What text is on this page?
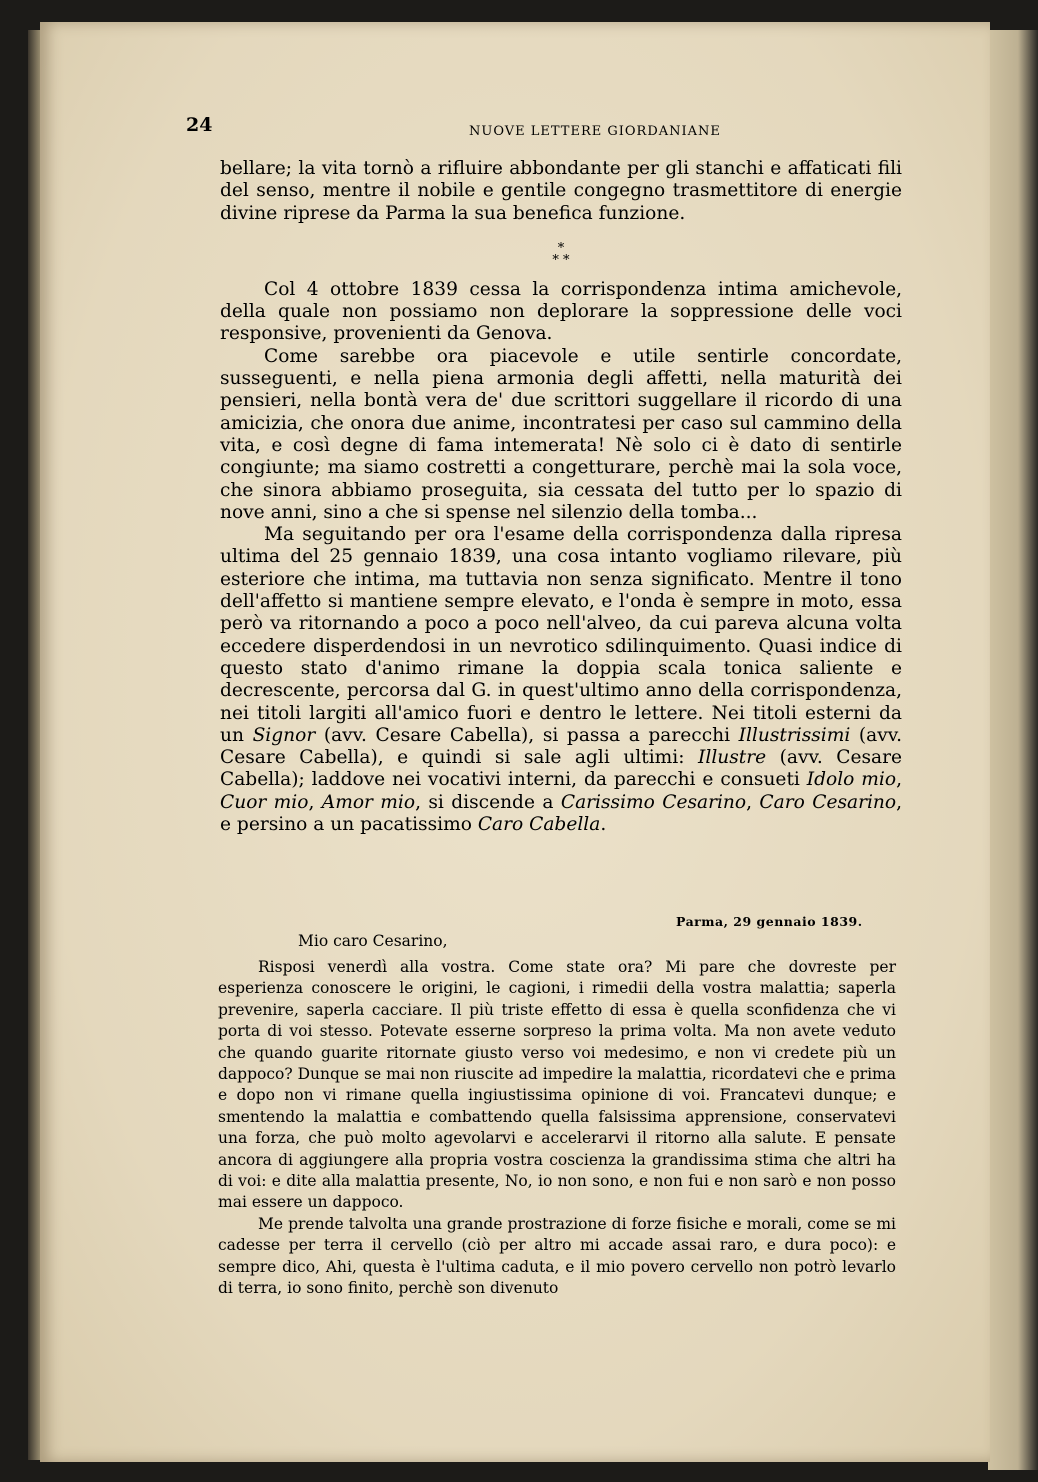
24	NUOVE LETTERE GIORDANIANE

bellare; la vita tornò a rifluire abbondante per gli stanchi e affaticati fili del senso, mentre il nobile e gentile congegno trasmettitore di energie divine riprese da Parma la sua benefica funzione.

*
* *

Col 4 ottobre 1839 cessa la corrispondenza intima amichevole, della quale non possiamo non deplorare la soppressione delle voci responsive, provenienti da Genova.

Come sarebbe ora piacevole e utile sentirle concordate, susseguenti, e nella piena armonia degli affetti, nella maturità dei pensieri, nella bontà vera de' due scrittori suggellare il ricordo di una amicizia, che onora due anime, incontratesi per caso sul cammino della vita, e così degne di fama intemerata! Nè solo ci è dato di sentirle congiunte; ma siamo costretti a congetturare, perchè mai la sola voce, che sinora abbiamo proseguita, sia cessata del tutto per lo spazio di nove anni, sino a che si spense nel silenzio della tomba...

Ma seguitando per ora l'esame della corrispondenza dalla ripresa ultima del 25 gennaio 1839, una cosa intanto vogliamo rilevare, più esteriore che intima, ma tuttavia non senza significato. Mentre il tono dell'affetto si mantiene sempre elevato, e l'onda è sempre in moto, essa però va ritornando a poco a poco nell'alveo, da cui pareva alcuna volta eccedere disperdendosi in un nevrotico sdilinquimento. Quasi indice di questo stato d'animo rimane la doppia scala tonica saliente e decrescente, percorsa dal G. in quest'ultimo anno della corrispondenza, nei titoli largiti all'amico fuori e dentro le lettere. Nei titoli esterni da un Signor (avv. Cesare Cabella), si passa a parecchi Illustrissimi (avv. Cesare Cabella), e quindi si sale agli ultimi: Illustre (avv. Cesare Cabella); laddove nei vocativi interni, da parecchi e consueti Idolo mio, Cuor mio, Amor mio, si discende a Carissimo Cesarino, Caro Cesarino, e persino a un pacatissimo Caro Cabella.

Parma, 29 gennaio 1839.
Mio caro Cesarino,

Risposi venerdì alla vostra. Come state ora? Mi pare che dovreste per esperienza conoscere le origini, le cagioni, i rimedii della vostra malattia; saperla prevenire, saperla cacciare. Il più triste effetto di essa è quella sconfidenza che vi porta di voi stesso. Potevate esserne sorpreso la prima volta. Ma non avete veduto che quando guarite ritornate giusto verso voi medesimo, e non vi credete più un dappoco? Dunque se mai non riuscite ad impedire la malattia, ricordatevi che e prima e dopo non vi rimane quella ingiustissima opinione di voi. Francatevi dunque; e smentendo la malattia e combattendo quella falsissima apprensione, conservatevi una forza, che può molto agevolarvi e accelerarvi il ritorno alla salute. E pensate ancora di aggiungere alla propria vostra coscienza la grandissima stima che altri ha di voi: e dite alla malattia presente, No, io non sono, e non fui e non sarò e non posso mai essere un dappoco.

Me prende talvolta una grande prostrazione di forze fisiche e morali, come se mi cadesse per terra il cervello (ciò per altro mi accade assai raro, e dura poco): e sempre dico, Ahi, questa è l'ultima caduta, e il mio povero cervello non potrò levarlo di terra, io sono finito, perchè son divenuto
